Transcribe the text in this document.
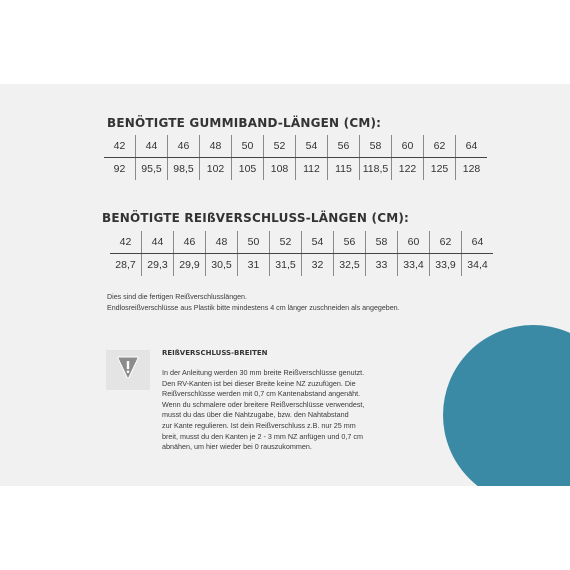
BENÖTIGTE GUMMIBAND-LÄNGEN (CM):
42	44	46	48	50	52	54	56	58	60	62	64
92	95,5	98,5	102	105	108	112	115	118,5	122	125	128
BENÖTIGTE REIßVERSCHLUSS-LÄNGEN (CM):
42	44	46	48	50	52	54	56	58	60	62	64
28,7	29,3	29,9	30,5	31	31,5	32	32,5	33	33,4	33,9	34,4
Dies sind die fertigen Reißverschlusslängen.
Endlosreißverschlüsse aus Plastik bitte mindestens 4 cm länger zuschneiden als angegeben.
REIßVERSCHLUSS-BREITEN
In der Anleitung werden 30 mm breite Reißverschlüsse genutzt.
Den RV-Kanten ist bei dieser Breite keine NZ zuzufügen. Die
Reißverschlüsse werden mit 0,7 cm Kantenabstand angenäht.
Wenn du schmalere oder breitere Reißverschlüsse verwendest,
musst du das über die Nahtzugabe, bzw. den Nahtabstand
zur Kante regulieren. Ist dein Reißverschluss z.B. nur 25 mm
breit, musst du den Kanten je 2 - 3 mm NZ anfügen und 0,7 cm
abnähen, um hier wieder bei 0 rauszukommen.
